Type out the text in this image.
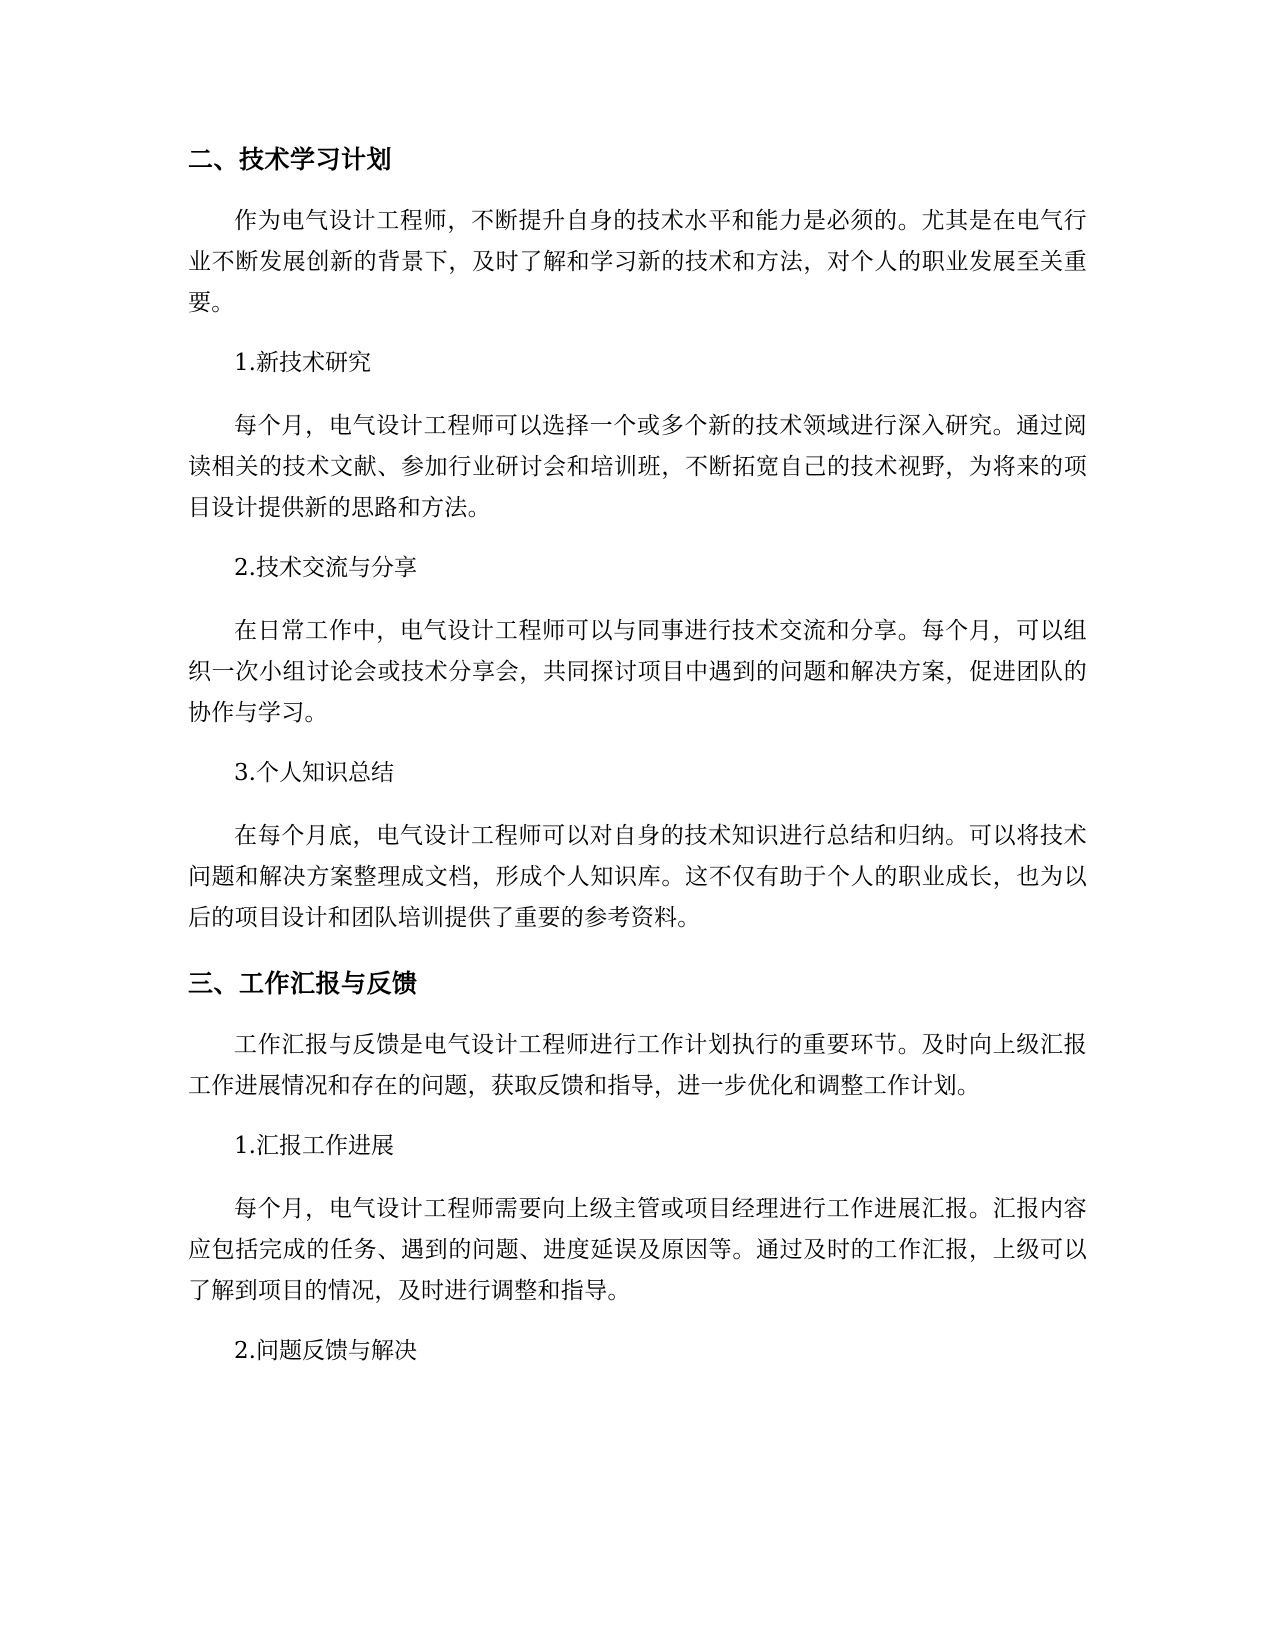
二、技术学习计划

作为电气设计工程师，不断提升自身的技术水平和能力是必须的。尤其是在电气行业不断发展创新的背景下，及时了解和学习新的技术和方法，对个人的职业发展至关重要。

1.新技术研究

每个月，电气设计工程师可以选择一个或多个新的技术领域进行深入研究。通过阅读相关的技术文献、参加行业研讨会和培训班，不断拓宽自己的技术视野，为将来的项目设计提供新的思路和方法。

2.技术交流与分享

在日常工作中，电气设计工程师可以与同事进行技术交流和分享。每个月，可以组织一次小组讨论会或技术分享会，共同探讨项目中遇到的问题和解决方案，促进团队的协作与学习。

3.个人知识总结

在每个月底，电气设计工程师可以对自身的技术知识进行总结和归纳。可以将技术问题和解决方案整理成文档，形成个人知识库。这不仅有助于个人的职业成长，也为以后的项目设计和团队培训提供了重要的参考资料。

三、工作汇报与反馈

工作汇报与反馈是电气设计工程师进行工作计划执行的重要环节。及时向上级汇报工作进展情况和存在的问题，获取反馈和指导，进一步优化和调整工作计划。

1.汇报工作进展

每个月，电气设计工程师需要向上级主管或项目经理进行工作进展汇报。汇报内容应包括完成的任务、遇到的问题、进度延误及原因等。通过及时的工作汇报，上级可以了解到项目的情况，及时进行调整和指导。

2.问题反馈与解决
